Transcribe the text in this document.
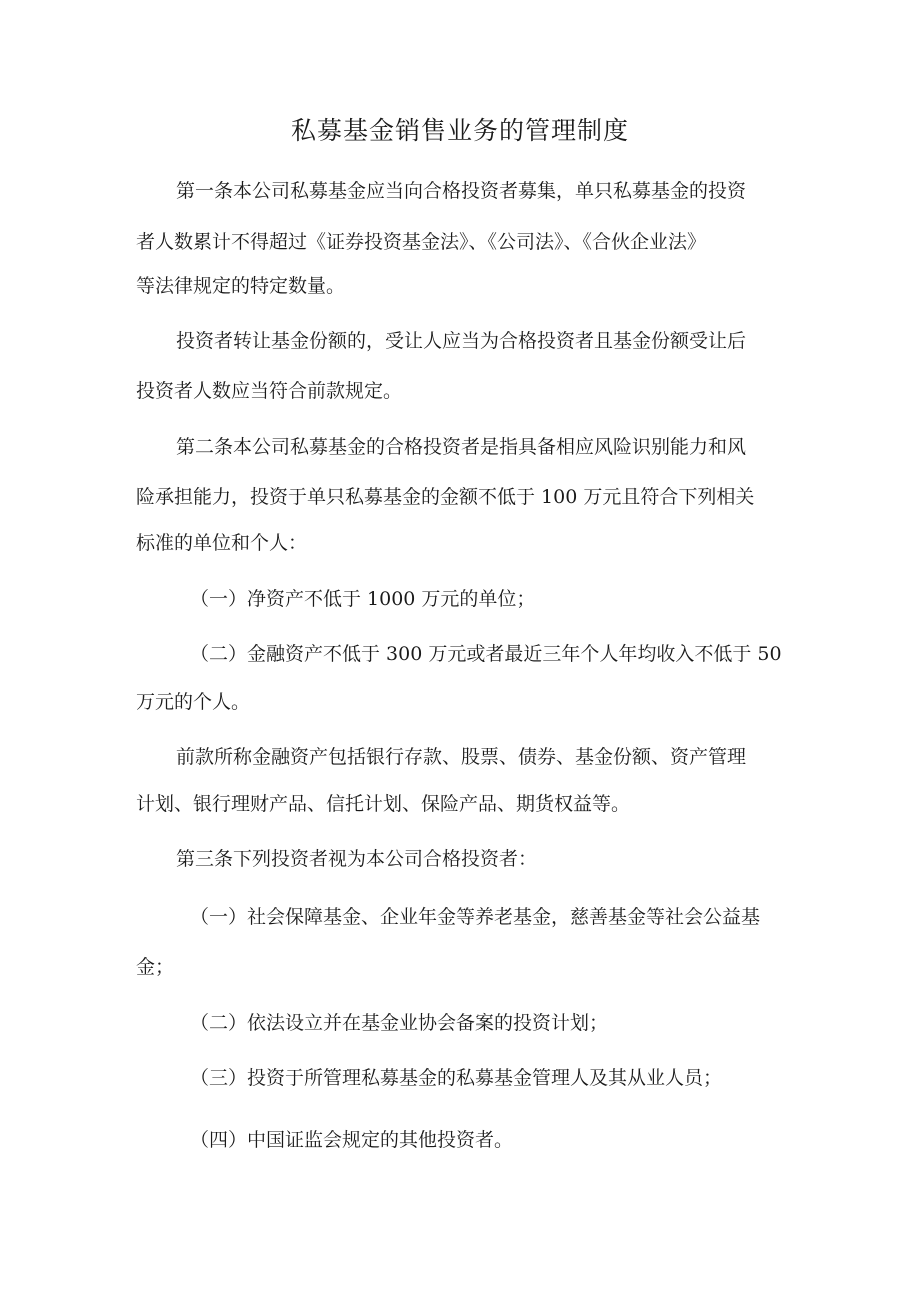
私募基金销售业务的管理制度
第一条本公司私募基金应当向合格投资者募集，单只私募基金的投资
者人数累计不得超过《证券投资基金法》、《公司法》、《合伙企业法》
等法律规定的特定数量。
投资者转让基金份额的，受让人应当为合格投资者且基金份额受让后
投资者人数应当符合前款规定。
第二条本公司私募基金的合格投资者是指具备相应风险识别能力和风
险承担能力，投资于单只私募基金的金额不低于 100 万元且符合下列相关
标准的单位和个人：
（一）净资产不低于 1000 万元的单位；
（二）金融资产不低于 300 万元或者最近三年个人年均收入不低于 50
万元的个人。
前款所称金融资产包括银行存款、股票、债券、基金份额、资产管理
计划、银行理财产品、信托计划、保险产品、期货权益等。
第三条下列投资者视为本公司合格投资者：
（一）社会保障基金、企业年金等养老基金，慈善基金等社会公益基
金；
（二）依法设立并在基金业协会备案的投资计划；
（三）投资于所管理私募基金的私募基金管理人及其从业人员；
（四）中国证监会规定的其他投资者。
